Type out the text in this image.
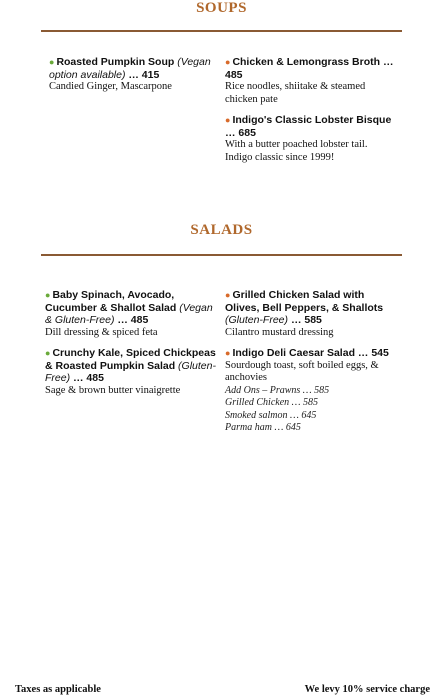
SOUPS
● Roasted Pumpkin Soup (Vegan option available) … 415
Candied Ginger, Mascarpone
● Chicken & Lemongrass Broth … 485
Rice noodles, shiitake & steamed chicken pate
● Indigo's Classic Lobster Bisque … 685
With a butter poached lobster tail. Indigo classic since 1999!
SALADS
● Baby Spinach, Avocado, Cucumber & Shallot Salad (Vegan & Gluten-Free) … 485
Dill dressing & spiced feta
● Crunchy Kale, Spiced Chickpeas & Roasted Pumpkin Salad (Gluten-Free) … 485
Sage & brown butter vinaigrette
● Grilled Chicken Salad with Olives, Bell Peppers, & Shallots (Gluten-Free) … 585
Cilantro mustard dressing
● Indigo Deli Caesar Salad … 545
Sourdough toast, soft boiled eggs, & anchovies
Add Ons – Prawns … 585
Grilled Chicken … 585
Smoked salmon … 645
Parma ham … 645
Taxes as applicable	We levy 10% service charge
